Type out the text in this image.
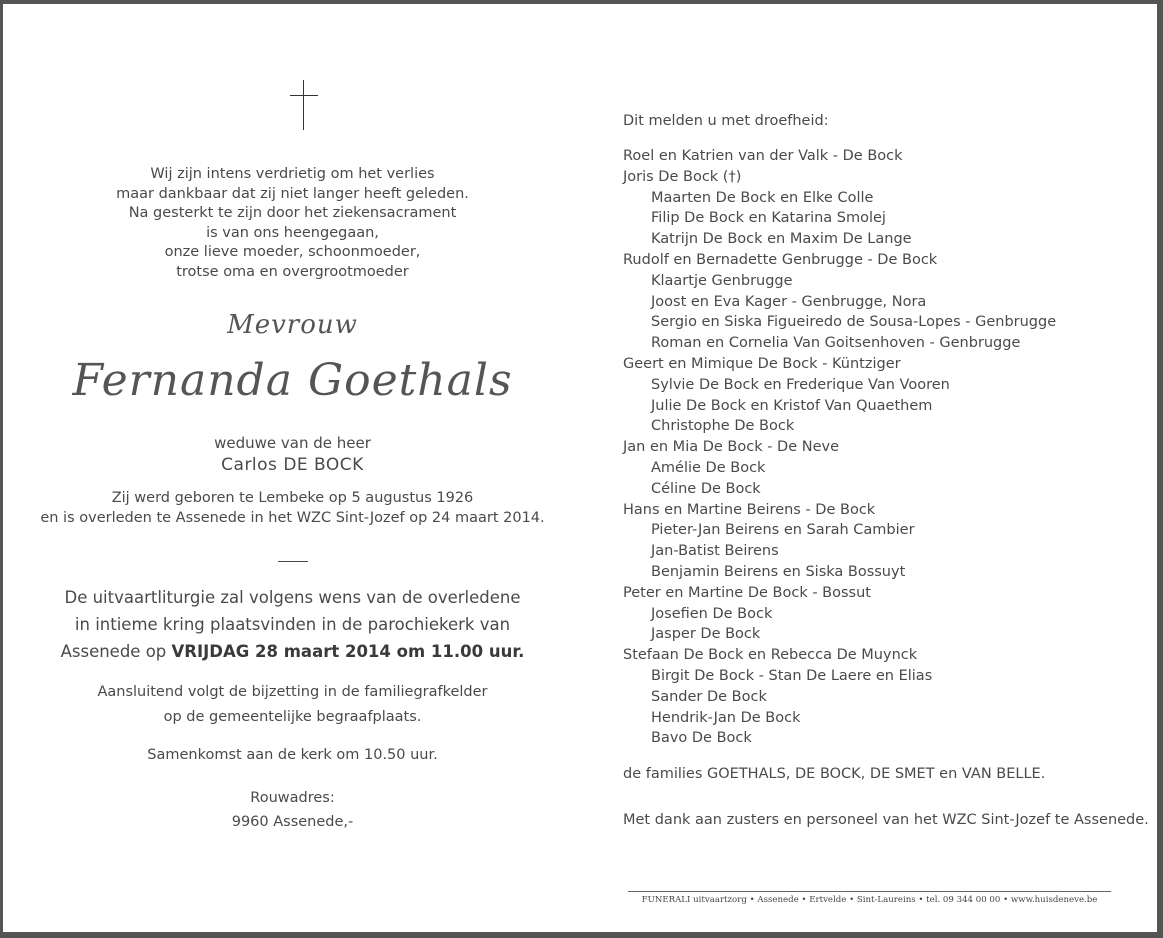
Wij zijn intens verdrietig om het verlies
maar dankbaar dat zij niet langer heeft geleden.
Na gesterkt te zijn door het ziekensacrament
is van ons heengegaan,
onze lieve moeder, schoonmoeder,
trotse oma en overgrootmoeder
Mevrouw
Fernanda Goethals
weduwe van de heer
Carlos DE BOCK
Zij werd geboren te Lembeke op 5 augustus 1926
en is overleden te Assenede in het WZC Sint-Jozef op 24 maart 2014.
De uitvaartliturgie zal volgens wens van de overledene
in intieme kring plaatsvinden in de parochiekerk van
Assenede op VRIJDAG 28 maart 2014 om 11.00 uur.
Aansluitend volgt de bijzetting in de familiegrafkelder
op de gemeentelijke begraafplaats.
Samenkomst aan de kerk om 10.50 uur.
Rouwadres:
9960 Assenede,-
Dit melden u met droefheid:
Roel en Katrien van der Valk - De Bock
Joris De Bock (†)
Maarten De Bock en Elke Colle
Filip De Bock en Katarina Smolej
Katrijn De Bock en Maxim De Lange
Rudolf en Bernadette Genbrugge - De Bock
Klaartje Genbrugge
Joost en Eva Kager - Genbrugge, Nora
Sergio en Siska Figueiredo de Sousa-Lopes - Genbrugge
Roman en Cornelia Van Goitsenhoven - Genbrugge
Geert en Mimique De Bock - Küntziger
Sylvie De Bock en Frederique Van Vooren
Julie De Bock en Kristof Van Quaethem
Christophe De Bock
Jan en Mia De Bock - De Neve
Amélie De Bock
Céline De Bock
Hans en Martine Beirens - De Bock
Pieter-Jan Beirens en Sarah Cambier
Jan-Batist Beirens
Benjamin Beirens en Siska Bossuyt
Peter en Martine De Bock - Bossut
Josefien De Bock
Jasper De Bock
Stefaan De Bock en Rebecca De Muynck
Birgit De Bock - Stan De Laere en Elias
Sander De Bock
Hendrik-Jan De Bock
Bavo De Bock
de families GOETHALS, DE BOCK, DE SMET en VAN BELLE.
Met dank aan zusters en personeel van het WZC Sint-Jozef te Assenede.
FUNERALI uitvaartzorg • Assenede • Ertvelde • Sint-Laureins • tel. 09 344 00 00 • www.huisdeneve.be
